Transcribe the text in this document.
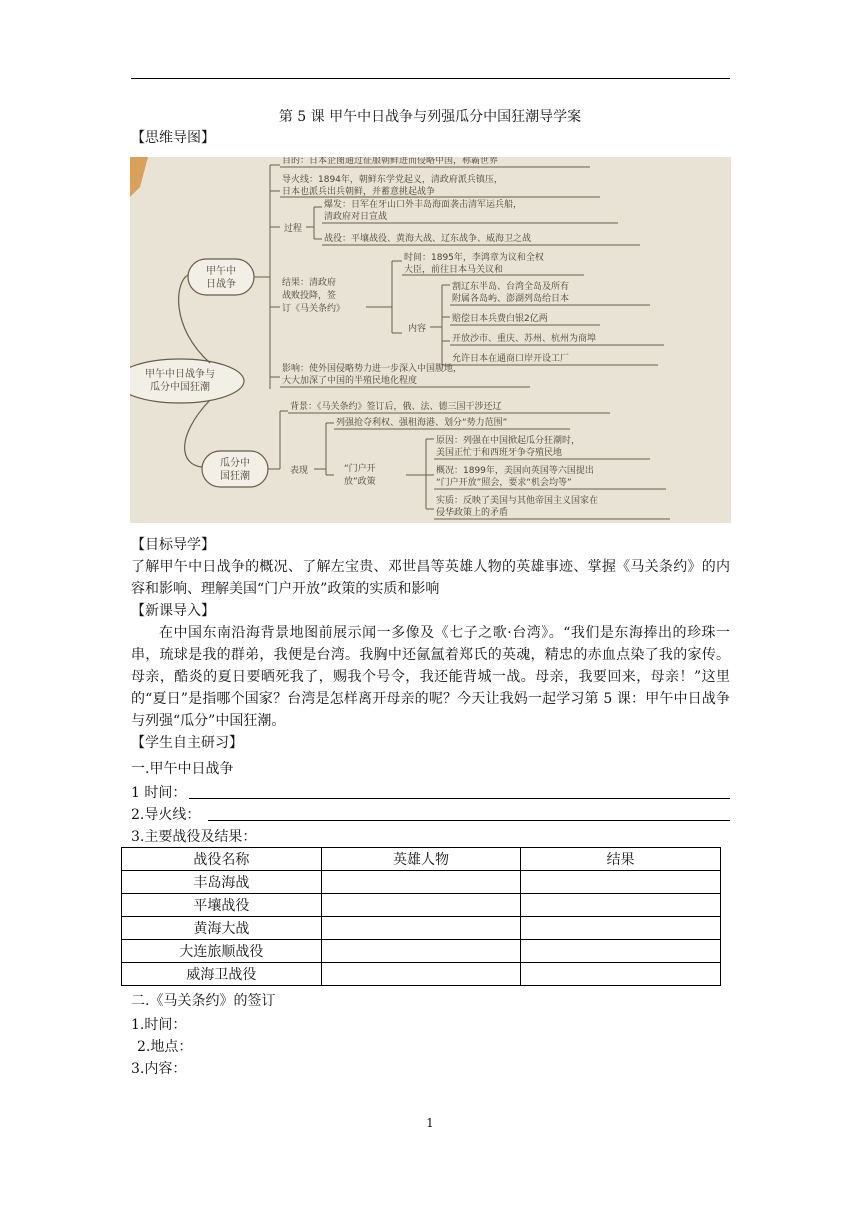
第 5 课 甲午中日战争与列强瓜分中国狂潮导学案
【思维导图】
甲午中日战争与
瓜分中国狂潮
甲午中
日战争
瓜分中
国狂潮
目的：日本企图通过征服朝鲜进而侵略中国，称霸世界
导火线：1894年，朝鲜东学党起义，清政府派兵镇压，
日本也派兵出兵朝鲜，并蓄意挑起战争
过程
爆发：日军在牙山口外丰岛海面袭击清军运兵船，
清政府对日宣战
战役：平壤战役、黄海大战、辽东战争、威海卫之战
结果：清政府
战败投降，签
订《马关条约》
时间：1895年，李鸿章为议和全权
大臣，前往日本马关议和
内容
割辽东半岛、台湾全岛及所有
附属各岛屿、澎湖列岛给日本
赔偿日本兵费白银2亿两
开放沙市、重庆、苏州、杭州为商埠
允许日本在通商口岸开设工厂
影响：使外国侵略势力进一步深入中国腹地，
大大加深了中国的半殖民地化程度
背景：《马关条约》签订后，俄、法、德三国干涉还辽
表现
列强抢夺利权、强租海港、划分“势力范围”
“门户开
放”政策
原因：列强在中国掀起瓜分狂潮时，
美国正忙于和西班牙争夺殖民地
概况：1899年，美国向英国等六国提出
“门户开放”照会，要求“机会均等”
实质：反映了美国与其他帝国主义国家在
侵华政策上的矛盾
【目标导学】
了解甲午中日战争的概况、了解左宝贵、邓世昌等英雄人物的英雄事迹、掌握《马关条约》的内容和影响、理解美国“门户开放”政策的实质和影响
【新课导入】
在中国东南沿海背景地图前展示闻一多像及《七子之歌·台湾》。“我们是东海捧出的珍珠一串，琉球是我的群弟，我便是台湾。我胸中还氤氲着郑氏的英魂，精忠的赤血点染了我的家传。母亲，酷炎的夏日要晒死我了，赐我个号令，我还能背城一战。母亲，我要回来，母亲！”这里的“夏日”是指哪个国家？台湾是怎样离开母亲的呢？今天让我妈一起学习第 5 课：甲午中日战争与列强“瓜分”中国狂潮。
【学生自主研习】
一.甲午中日战争
1 时间：
2.导火线：
3.主要战役及结果：
战役名称	英雄人物	结果
丰岛海战		
平壤战役		
黄海大战		
大连旅顺战役		
威海卫战役		
二.《马关条约》的签订
1.时间：
2.地点：
3.内容：
1
